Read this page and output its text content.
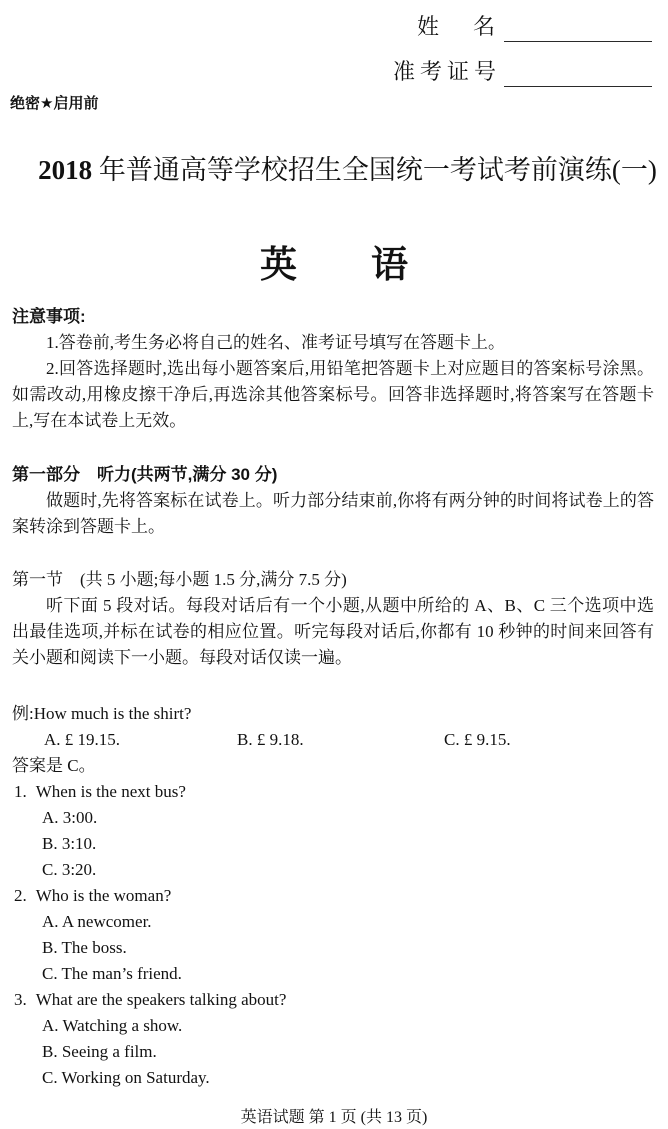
姓　名
准考证号
绝密★启用前

2018 年普通高等学校招生全国统一考试考前演练(一)

英　　语
注意事项:

1.答卷前,考生务必将自己的姓名、准考证号填写在答题卡上。

2.回答选择题时,选出每小题答案后,用铅笔把答题卡上对应题目的答案标号涂黑。如需改动,用橡皮擦干净后,再选涂其他答案标号。回答非选择题时,将答案写在答题卡上,写在本试卷上无效。

第一部分　听力(共两节,满分 30 分)

做题时,先将答案标在试卷上。听力部分结束前,你将有两分钟的时间将试卷上的答案转涂到答题卡上。

第一节　(共 5 小题;每小题 1.5 分,满分 7.5 分)

听下面 5 段对话。每段对话后有一个小题,从题中所给的 A、B、C 三个选项中选出最佳选项,并标在试卷的相应位置。听完每段对话后,你都有 10 秒钟的时间来回答有关小题和阅读下一小题。每段对话仅读一遍。

例:How much is the shirt?

A. £ 19.15.	B. £ 9.18.	C. £ 9.15.

答案是 C。

1. When is the next bus?
A. 3:00.
B. 3:10.
C. 3:20.
2. Who is the woman?
A. A newcomer.
B. The boss.
C. The man’s friend.
3. What are the speakers talking about?
A. Watching a show.
B. Seeing a film.
C. Working on Saturday.
英语试题 第 1 页 (共 13 页)
